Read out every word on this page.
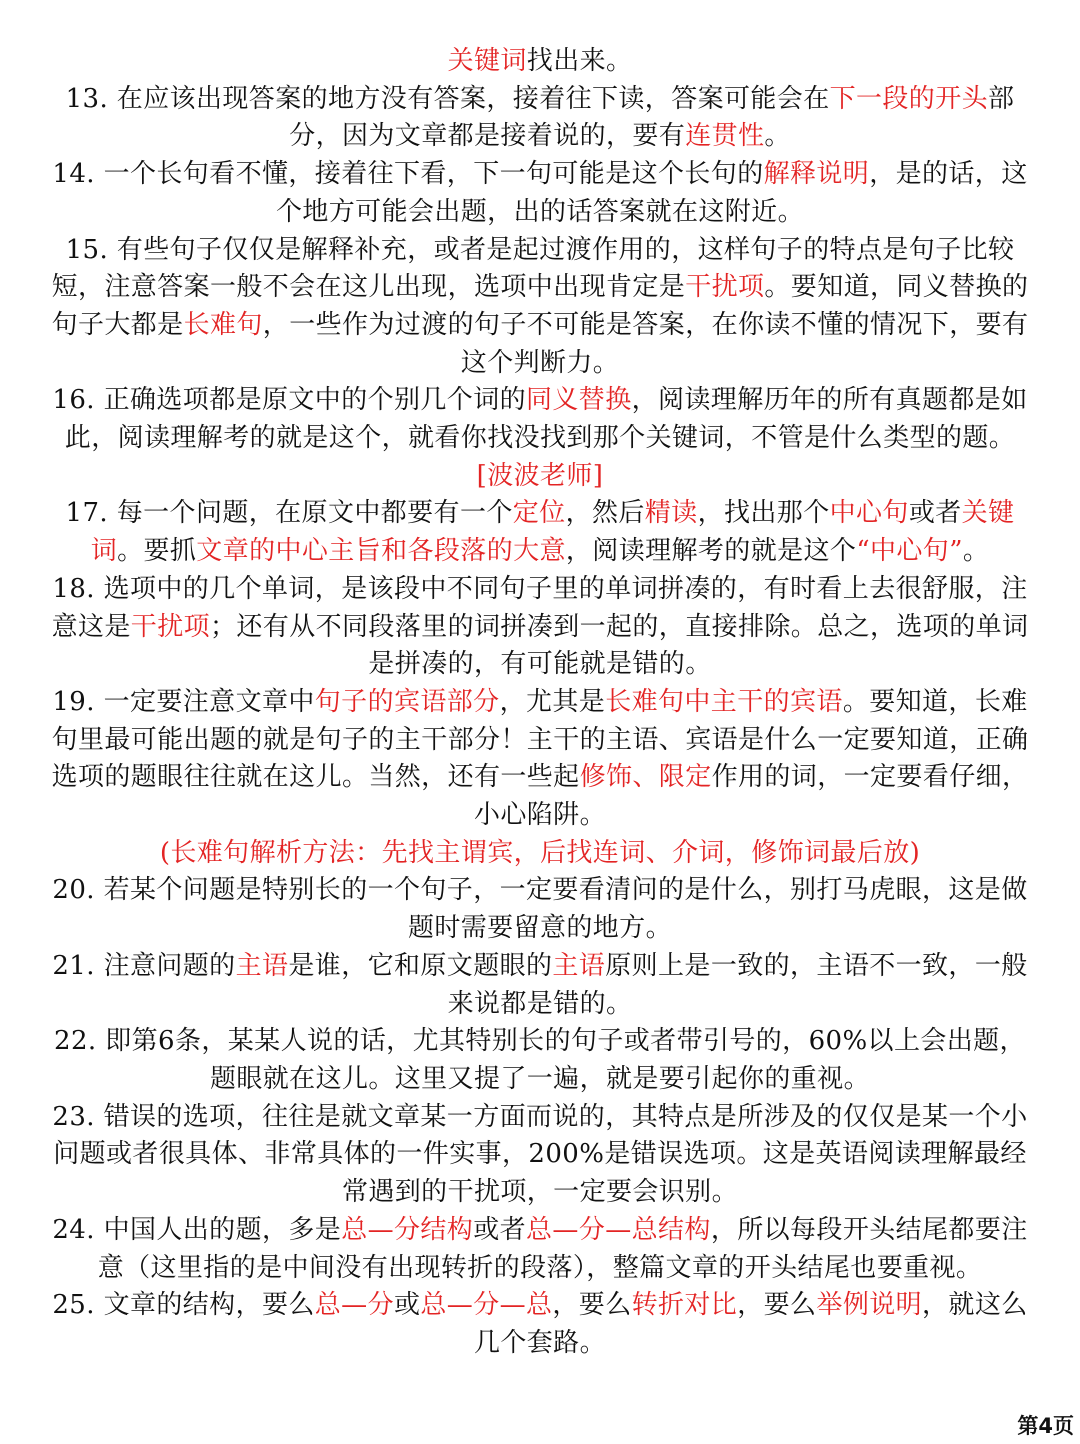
关键词找出来。

13. 在应该出现答案的地方没有答案，接着往下读，答案可能会在下一段的开头部分，因为文章都是接着说的，要有连贯性。

14. 一个长句看不懂，接着往下看，下一句可能是这个长句的解释说明，是的话，这个地方可能会出题，出的话答案就在这附近。

15. 有些句子仅仅是解释补充，或者是起过渡作用的，这样句子的特点是句子比较短，注意答案一般不会在这儿出现，选项中出现肯定是干扰项。要知道，同义替换的句子大都是长难句，一些作为过渡的句子不可能是答案，在你读不懂的情况下，要有这个判断力。

16. 正确选项都是原文中的个别几个词的同义替换，阅读理解历年的所有真题都是如此，阅读理解考的就是这个，就看你找没找到那个关键词，不管是什么类型的题。

[波波老师]

17. 每一个问题，在原文中都要有一个定位，然后精读，找出那个中心句或者关键词。要抓文章的中心主旨和各段落的大意，阅读理解考的就是这个“中心句”。

18. 选项中的几个单词，是该段中不同句子里的单词拼凑的，有时看上去很舒服，注意这是干扰项；还有从不同段落里的词拼凑到一起的，直接排除。总之，选项的单词是拼凑的，有可能就是错的。

19. 一定要注意文章中句子的宾语部分，尤其是长难句中主干的宾语。要知道，长难句里最可能出题的就是句子的主干部分！主干的主语、宾语是什么一定要知道，正确选项的题眼往往就在这儿。当然，还有一些起修饰、限定作用的词，一定要看仔细，小心陷阱。

(长难句解析方法：先找主谓宾，后找连词、介词，修饰词最后放)

20. 若某个问题是特别长的一个句子，一定要看清问的是什么，别打马虎眼，这是做题时需要留意的地方。

21. 注意问题的主语是谁，它和原文题眼的主语原则上是一致的，主语不一致，一般来说都是错的。

22. 即第6条，某某人说的话，尤其特别长的句子或者带引号的，60%以上会出题，题眼就在这儿。这里又提了一遍，就是要引起你的重视。

23. 错误的选项，往往是就文章某一方面而说的，其特点是所涉及的仅仅是某一个小问题或者很具体、非常具体的一件实事，200%是错误选项。这是英语阅读理解最经常遇到的干扰项，一定要会识别。

24. 中国人出的题，多是总—分结构或者总—分—总结构，所以每段开头结尾都要注意（这里指的是中间没有出现转折的段落），整篇文章的开头结尾也要重视。

25. 文章的结构，要么总—分或总—分—总，要么转折对比，要么举例说明，就这么几个套路。

第4页
